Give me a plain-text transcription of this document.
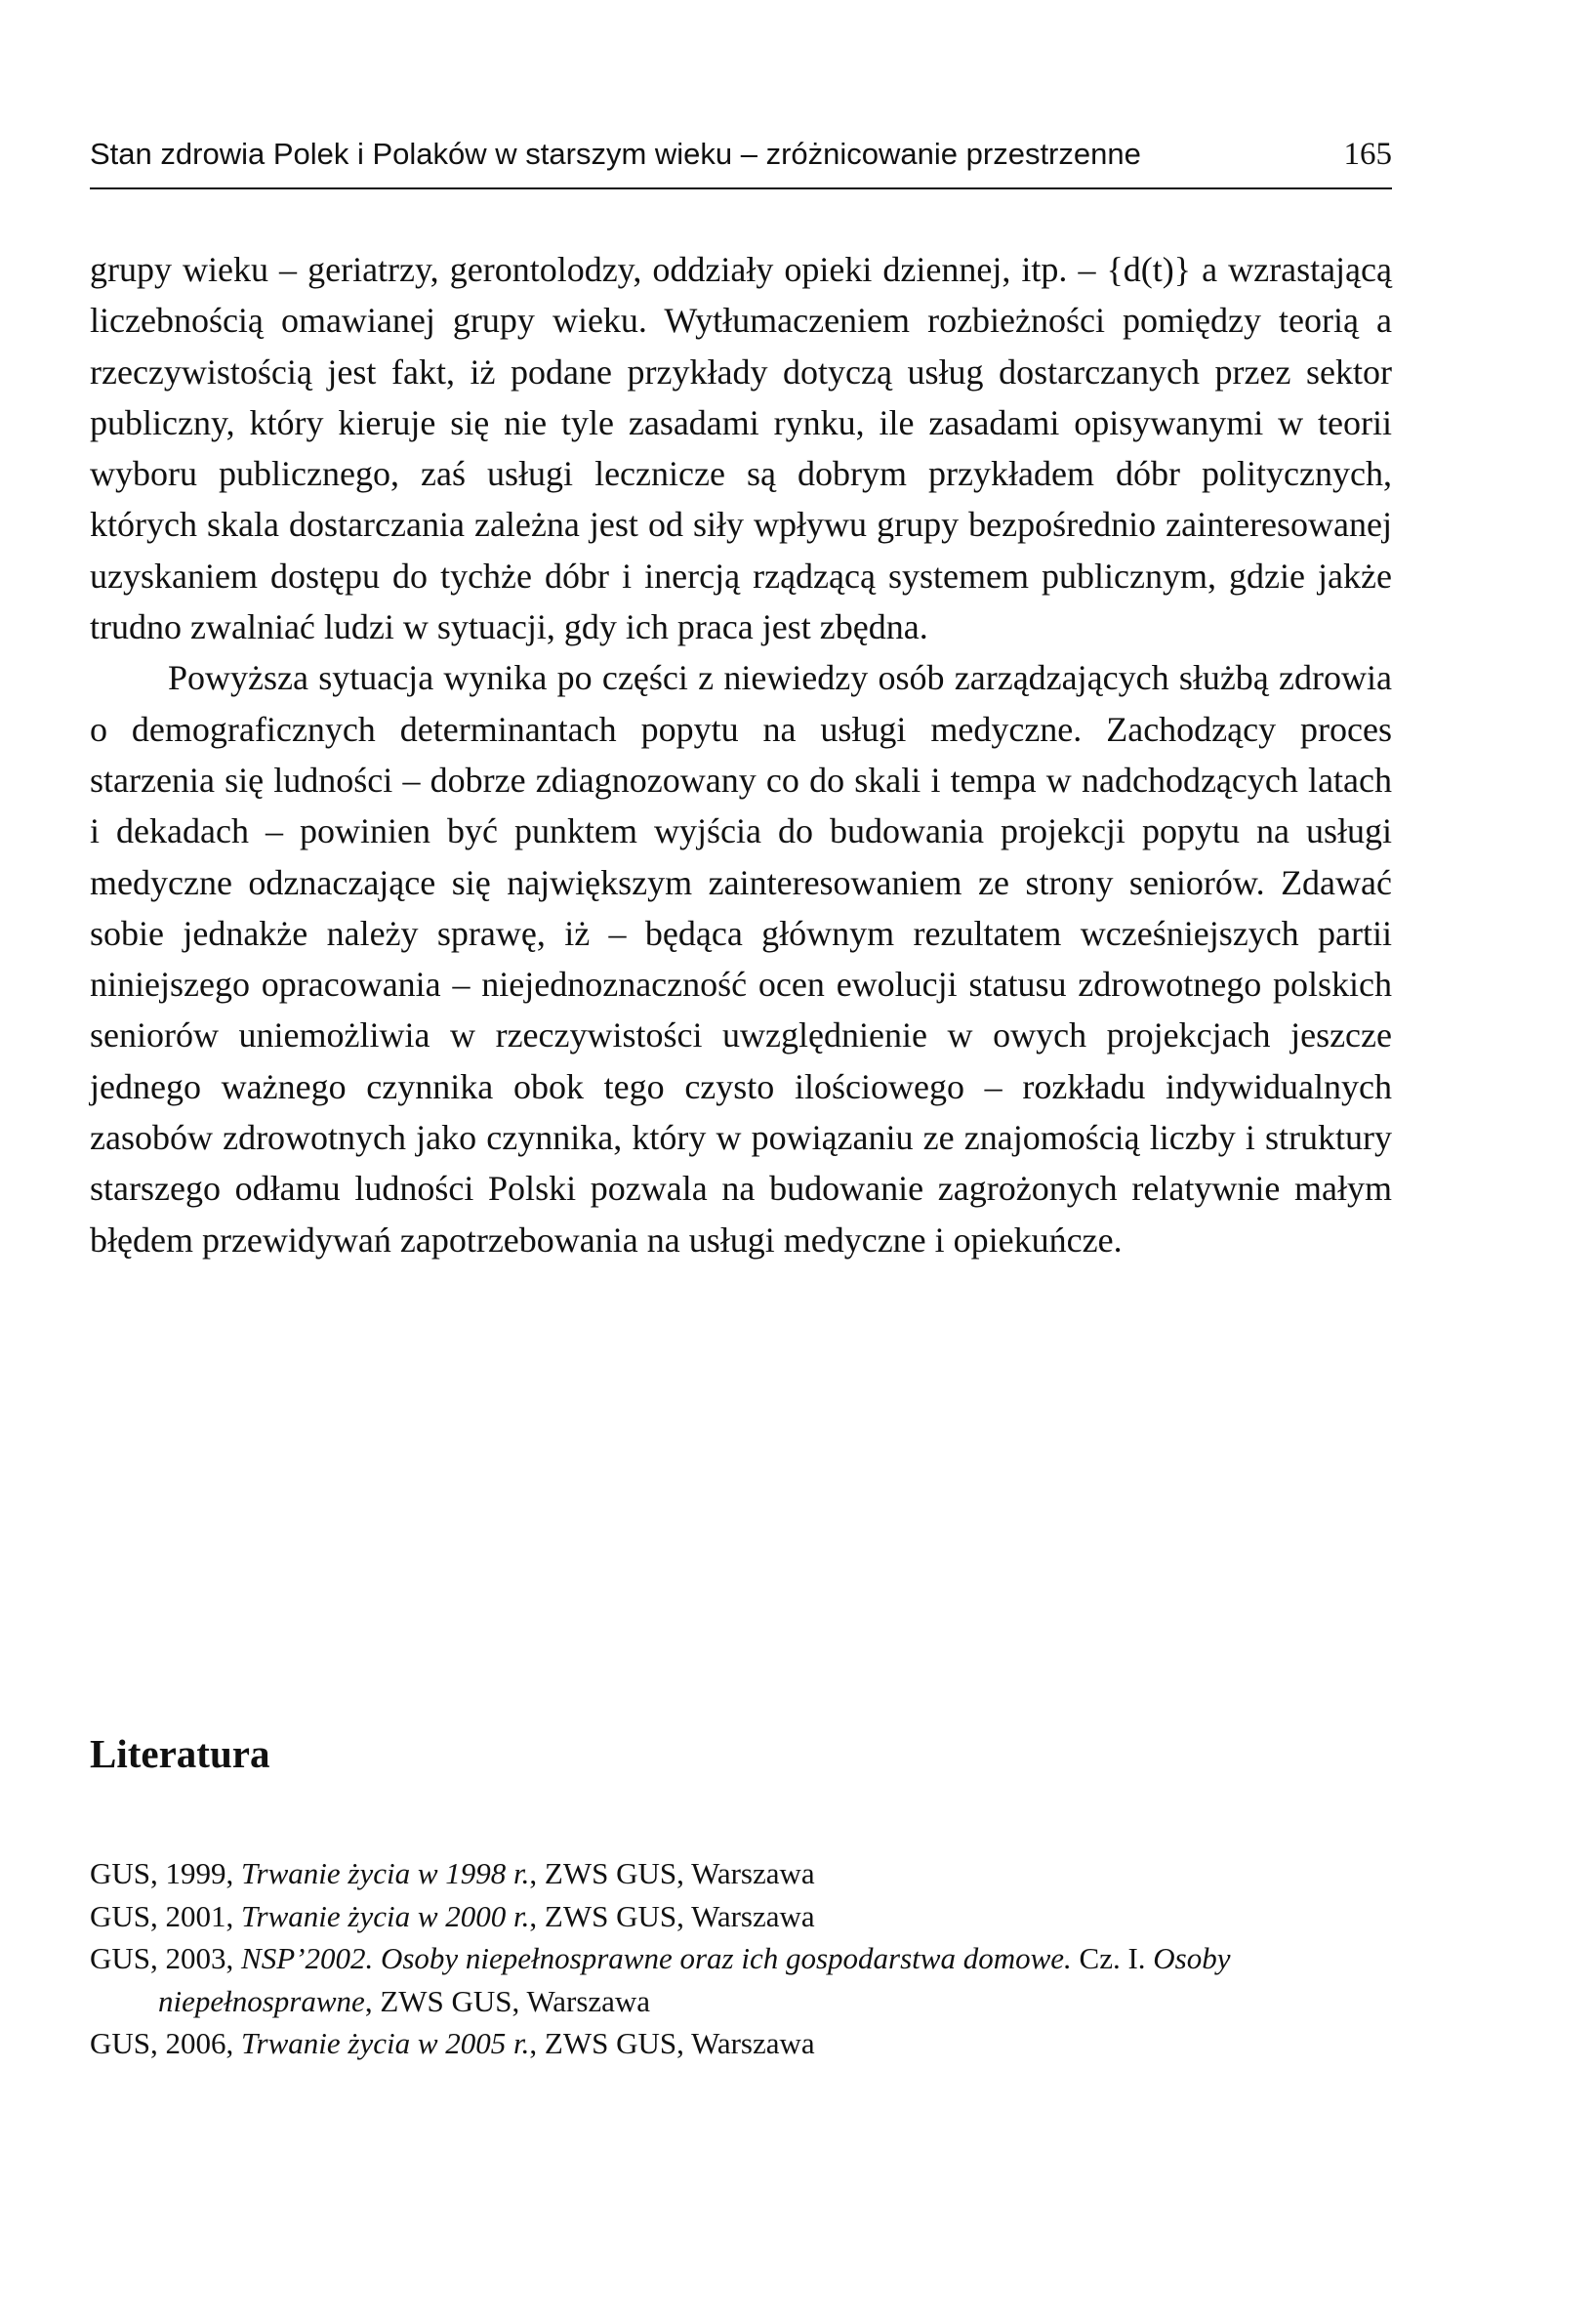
Stan zdrowia Polek i Polaków w starszym wieku – zróżnicowanie przestrzenne	165

grupy wieku – geriatrzy, gerontolodzy, oddziały opieki dziennej, itp. – {d(t)} a wzrastającą liczebnością omawianej grupy wieku. Wytłumaczeniem rozbieżności pomiędzy teorią a rzeczywistością jest fakt, iż podane przykłady dotyczą usług dostarczanych przez sektor publiczny, który kieruje się nie tyle zasadami rynku, ile zasadami opisywanymi w teorii wyboru publicznego, zaś usługi lecznicze są dobrym przykładem dóbr politycznych, których skala dostarczania zależna jest od siły wpływu grupy bezpośrednio zainteresowanej uzyskaniem dostępu do tychże dóbr i inercją rządzącą systemem publicznym, gdzie jakże trudno zwalniać ludzi w sytuacji, gdy ich praca jest zbędna.

Powyższa sytuacja wynika po części z niewiedzy osób zarządzających służbą zdrowia o demograficznych determinantach popytu na usługi medyczne. Zachodzący proces starzenia się ludności – dobrze zdiagnozowany co do skali i tempa w nadchodzących latach i dekadach – powinien być punktem wyjścia do budowania projekcji popytu na usługi medyczne odznaczające się największym zainteresowaniem ze strony seniorów. Zdawać sobie jednakże należy sprawę, iż – będąca głównym rezultatem wcześniejszych partii niniejszego opracowania – niejednoznaczność ocen ewolucji statusu zdrowotnego polskich seniorów uniemożliwia w rzeczywistości uwzględnienie w owych projekcjach jeszcze jednego ważnego czynnika obok tego czysto ilościowego – rozkładu indywidualnych zasobów zdrowotnych jako czynnika, który w powiązaniu ze znajomością liczby i struktury starszego odłamu ludności Polski pozwala na budowanie zagrożonych relatywnie małym błędem przewidywań zapotrzebowania na usługi medyczne i opiekuńcze.

Literatura
GUS, 1999, Trwanie życia w 1998 r., ZWS GUS, Warszawa
GUS, 2001, Trwanie życia w 2000 r., ZWS GUS, Warszawa
GUS, 2003, NSP’2002. Osoby niepełnosprawne oraz ich gospodarstwa domowe. Cz. I. Osoby niepełnosprawne, ZWS GUS, Warszawa
GUS, 2006, Trwanie życia w 2005 r., ZWS GUS, Warszawa
